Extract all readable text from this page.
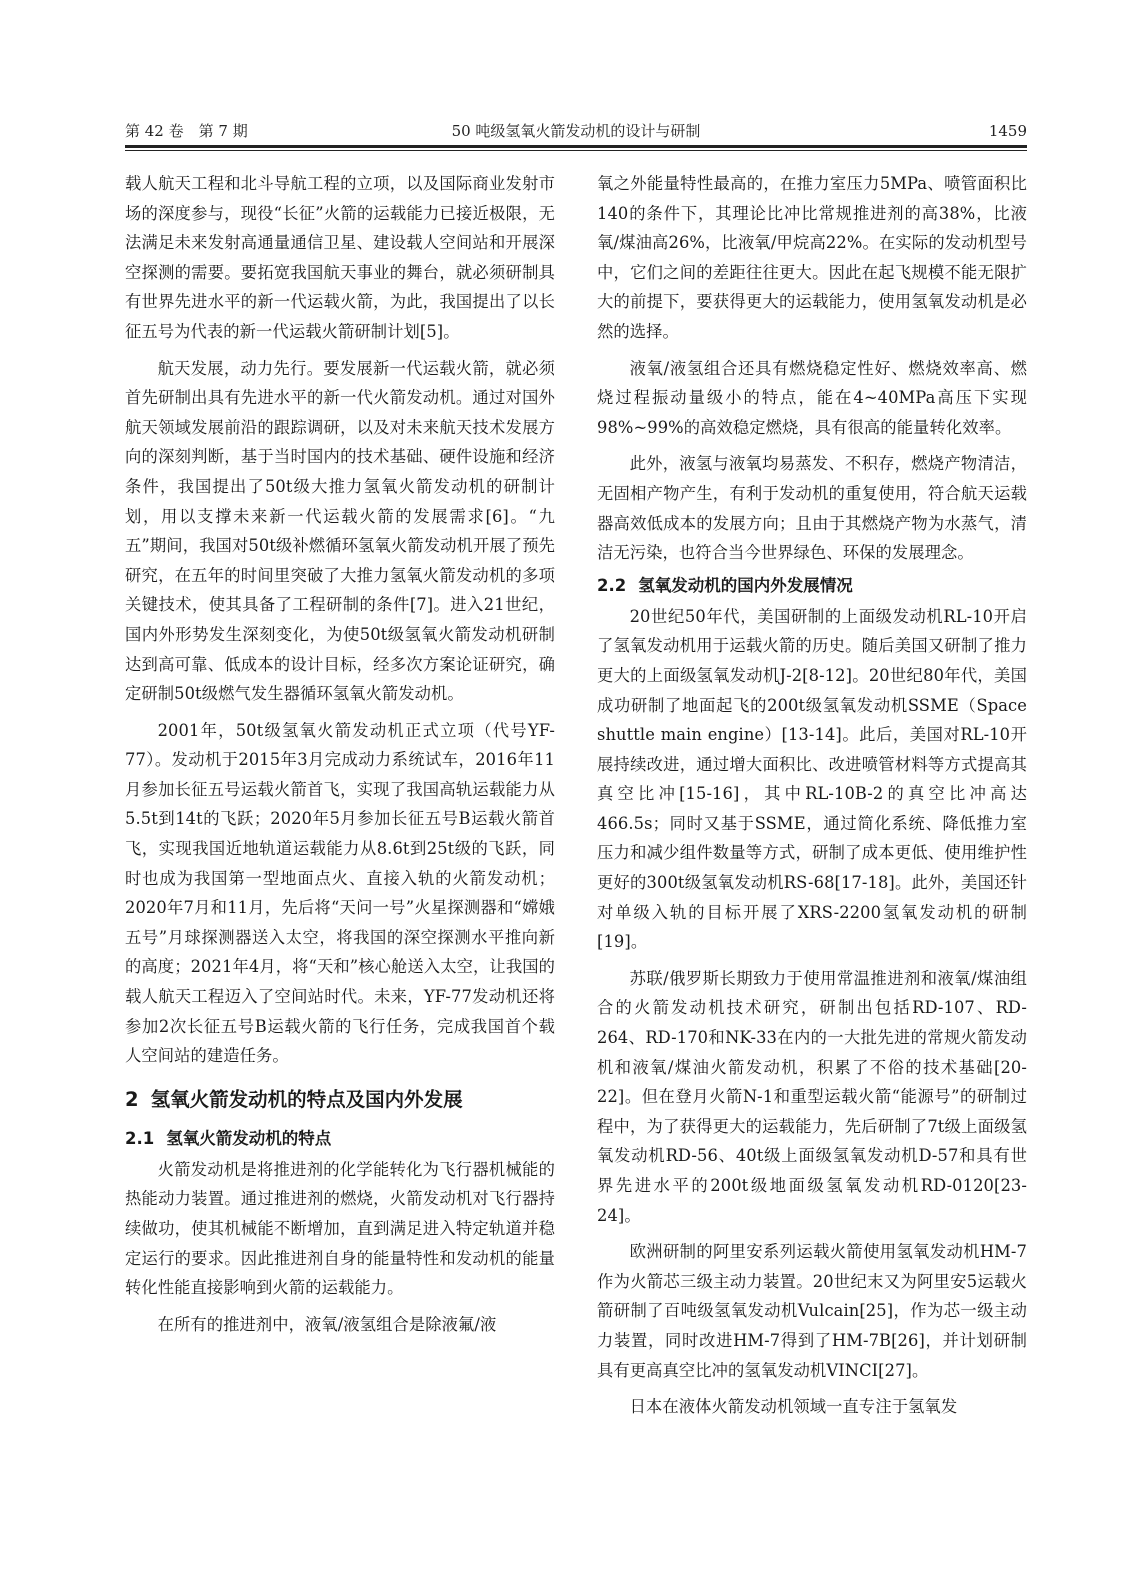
第 42 卷　第 7 期	50 吨级氢氧火箭发动机的设计与研制	1459

载人航天工程和北斗导航工程的立项，以及国际商业发射市场的深度参与，现役“长征”火箭的运载能力已接近极限，无法满足未来发射高通量通信卫星、建设载人空间站和开展深空探测的需要。要拓宽我国航天事业的舞台，就必须研制具有世界先进水平的新一代运载火箭，为此，我国提出了以长征五号为代表的新一代运载火箭研制计划[5]。

航天发展，动力先行。要发展新一代运载火箭，就必须首先研制出具有先进水平的新一代火箭发动机。通过对国外航天领域发展前沿的跟踪调研，以及对未来航天技术发展方向的深刻判断，基于当时国内的技术基础、硬件设施和经济条件，我国提出了50t级大推力氢氧火箭发动机的研制计划，用以支撑未来新一代运载火箭的发展需求[6]。“九五”期间，我国对50t级补燃循环氢氧火箭发动机开展了预先研究，在五年的时间里突破了大推力氢氧火箭发动机的多项关键技术，使其具备了工程研制的条件[7]。进入21世纪，国内外形势发生深刻变化，为使50t级氢氧火箭发动机研制达到高可靠、低成本的设计目标，经多次方案论证研究，确定研制50t级燃气发生器循环氢氧火箭发动机。

2001年，50t级氢氧火箭发动机正式立项（代号YF-77）。发动机于2015年3月完成动力系统试车，2016年11月参加长征五号运载火箭首飞，实现了我国高轨运载能力从5.5t到14t的飞跃；2020年5月参加长征五号B运载火箭首飞，实现我国近地轨道运载能力从8.6t到25t级的飞跃，同时也成为我国第一型地面点火、直接入轨的火箭发动机；2020年7月和11月，先后将“天问一号”火星探测器和“嫦娥五号”月球探测器送入太空，将我国的深空探测水平推向新的高度；2021年4月，将“天和”核心舱送入太空，让我国的载人航天工程迈入了空间站时代。未来，YF-77发动机还将参加2次长征五号B运载火箭的飞行任务，完成我国首个载人空间站的建造任务。

2 氢氧火箭发动机的特点及国内外发展
2.1 氢氧火箭发动机的特点

火箭发动机是将推进剂的化学能转化为飞行器机械能的热能动力装置。通过推进剂的燃烧，火箭发动机对飞行器持续做功，使其机械能不断增加，直到满足进入特定轨道并稳定运行的要求。因此推进剂自身的能量特性和发动机的能量转化性能直接影响到火箭的运载能力。

在所有的推进剂中，液氧/液氢组合是除液氟/液

氧之外能量特性最高的，在推力室压力5MPa、喷管面积比140的条件下，其理论比冲比常规推进剂的高38%，比液氧/煤油高26%，比液氧/甲烷高22%。在实际的发动机型号中，它们之间的差距往往更大。因此在起飞规模不能无限扩大的前提下，要获得更大的运载能力，使用氢氧发动机是必然的选择。

液氧/液氢组合还具有燃烧稳定性好、燃烧效率高、燃烧过程振动量级小的特点，能在4~40MPa高压下实现98%~99%的高效稳定燃烧，具有很高的能量转化效率。

此外，液氢与液氧均易蒸发、不积存，燃烧产物清洁，无固相产物产生，有利于发动机的重复使用，符合航天运载器高效低成本的发展方向；且由于其燃烧产物为水蒸气，清洁无污染，也符合当今世界绿色、环保的发展理念。

2.2 氢氧发动机的国内外发展情况

20世纪50年代，美国研制的上面级发动机RL-10开启了氢氧发动机用于运载火箭的历史。随后美国又研制了推力更大的上面级氢氧发动机J-2[8-12]。20世纪80年代，美国成功研制了地面起飞的200t级氢氧发动机SSME（Space shuttle main engine）[13-14]。此后，美国对RL-10开展持续改进，通过增大面积比、改进喷管材料等方式提高其真空比冲[15-16]，其中RL-10B-2的真空比冲高达466.5s；同时又基于SSME，通过简化系统、降低推力室压力和减少组件数量等方式，研制了成本更低、使用维护性更好的300t级氢氧发动机RS-68[17-18]。此外，美国还针对单级入轨的目标开展了XRS-2200氢氧发动机的研制[19]。

苏联/俄罗斯长期致力于使用常温推进剂和液氧/煤油组合的火箭发动机技术研究，研制出包括RD-107、RD-264、RD-170和NK-33在内的一大批先进的常规火箭发动机和液氧/煤油火箭发动机，积累了不俗的技术基础[20-22]。但在登月火箭N-1和重型运载火箭“能源号”的研制过程中，为了获得更大的运载能力，先后研制了7t级上面级氢氧发动机RD-56、40t级上面级氢氧发动机D-57和具有世界先进水平的200t级地面级氢氧发动机RD-0120[23-24]。

欧洲研制的阿里安系列运载火箭使用氢氧发动机HM-7作为火箭芯三级主动力装置。20世纪末又为阿里安5运载火箭研制了百吨级氢氧发动机Vulcain[25]，作为芯一级主动力装置，同时改进HM-7得到了HM-7B[26]，并计划研制具有更高真空比冲的氢氧发动机VINCI[27]。

日本在液体火箭发动机领域一直专注于氢氧发
